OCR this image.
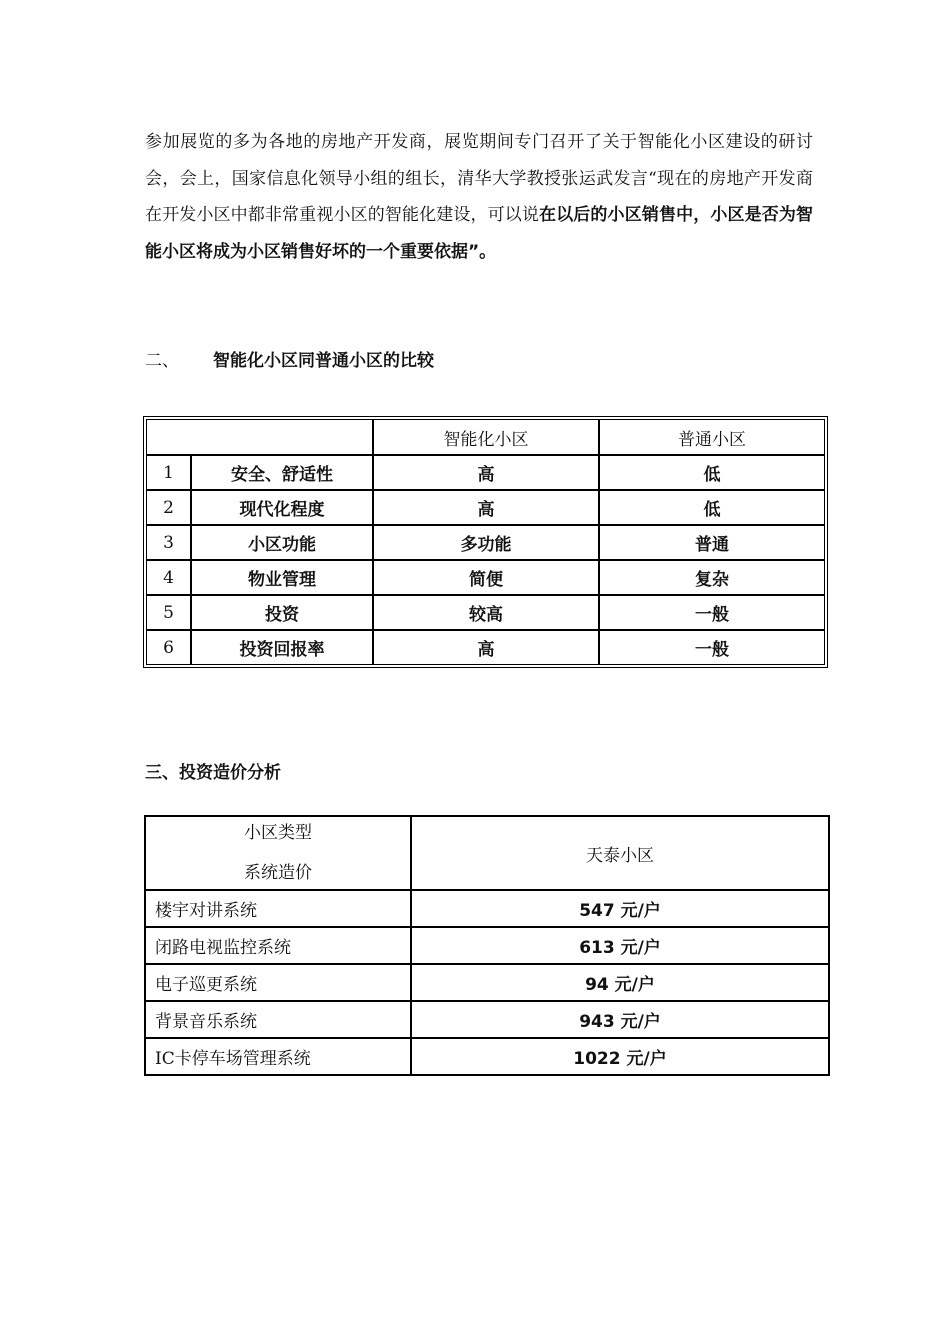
参加展览的多为各地的房地产开发商，展览期间专门召开了关于智能化小区建设的研讨会，会上，国家信息化领导小组的组长，清华大学教授张运武发言“现在的房地产开发商在开发小区中都非常重视小区的智能化建设，可以说在以后的小区销售中，小区是否为智能小区将成为小区销售好坏的一个重要依据”。
二、 智能化小区同普通小区的比较
		智能化小区	普通小区
1	安全、舒适性	高	低
2	现代化程度	高	低
3	小区功能	多功能	普通
4	物业管理	简便	复杂
5	投资	较高	一般
6	投资回报率	高	一般
三、投资造价分析
小区类型
系统造价	天泰小区
楼宇对讲系统	547 元/户
闭路电视监控系统	613 元/户
电子巡更系统	94 元/户
背景音乐系统	943 元/户
IC卡停车场管理系统	1022 元/户
